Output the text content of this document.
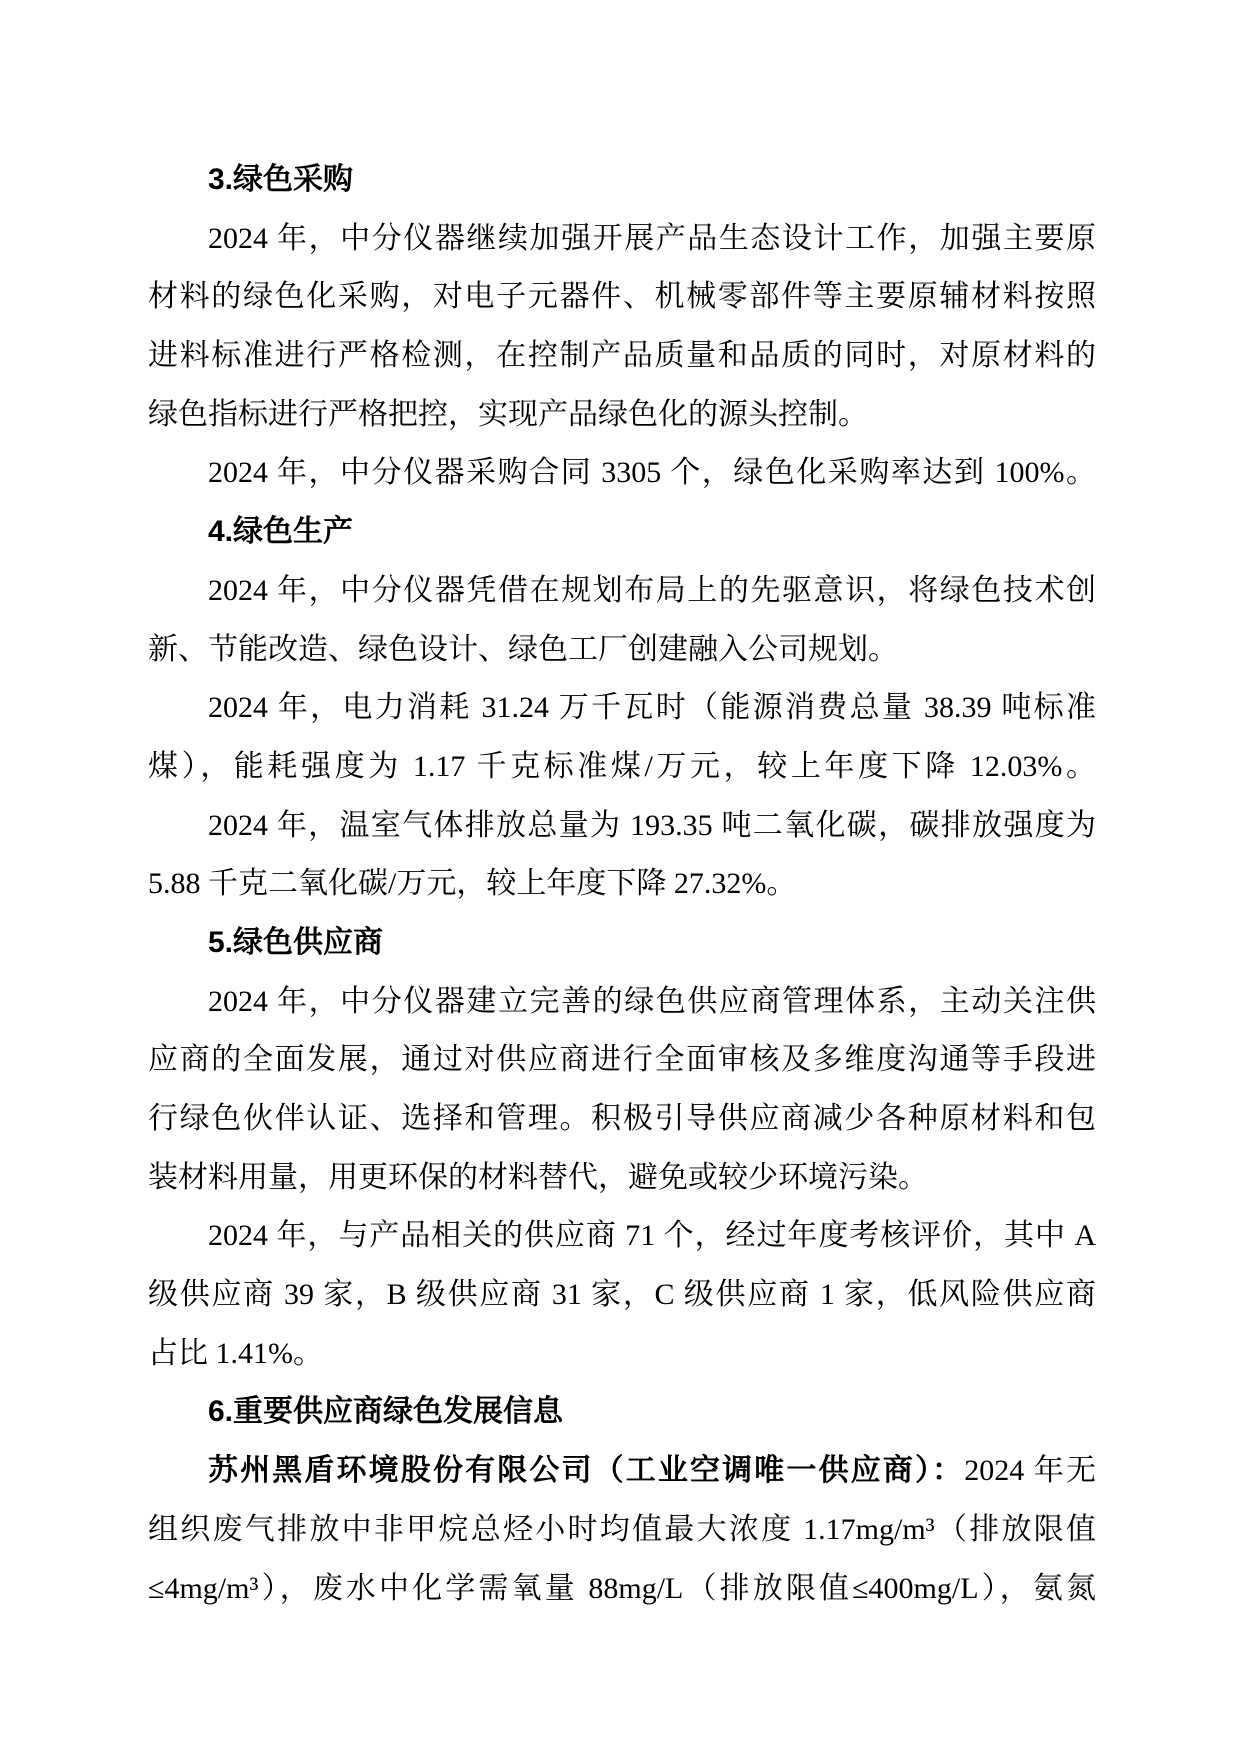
3.绿色采购
2024 年，中分仪器继续加强开展产品生态设计工作，加强主要原
材料的绿色化采购，对电子元器件、机械零部件等主要原辅材料按照
进料标准进行严格检测，在控制产品质量和品质的同时，对原材料的
绿色指标进行严格把控，实现产品绿色化的源头控制。
2024 年，中分仪器采购合同 3305 个，绿色化采购率达到 100%。
4.绿色生产
2024 年，中分仪器凭借在规划布局上的先驱意识，将绿色技术创
新、节能改造、绿色设计、绿色工厂创建融入公司规划。
2024 年，电力消耗 31.24 万千瓦时（能源消费总量 38.39 吨标准
煤），能耗强度为 1.17 千克标准煤/万元，较上年度下降 12.03%。
2024 年，温室气体排放总量为 193.35 吨二氧化碳，碳排放强度为
5.88 千克二氧化碳/万元，较上年度下降 27.32%。
5.绿色供应商
2024 年，中分仪器建立完善的绿色供应商管理体系，主动关注供
应商的全面发展，通过对供应商进行全面审核及多维度沟通等手段进
行绿色伙伴认证、选择和管理。积极引导供应商减少各种原材料和包
装材料用量，用更环保的材料替代，避免或较少环境污染。
2024 年，与产品相关的供应商 71 个，经过年度考核评价，其中 A
级供应商 39 家，B 级供应商 31 家，C 级供应商 1 家，低风险供应商
占比 1.41%。
6.重要供应商绿色发展信息
苏州黑盾环境股份有限公司（工业空调唯一供应商）：2024 年无
组织废气排放中非甲烷总烃小时均值最大浓度 1.17mg/m³（排放限值
≤4mg/m³），废水中化学需氧量 88mg/L（排放限值≤400mg/L），氨氮
